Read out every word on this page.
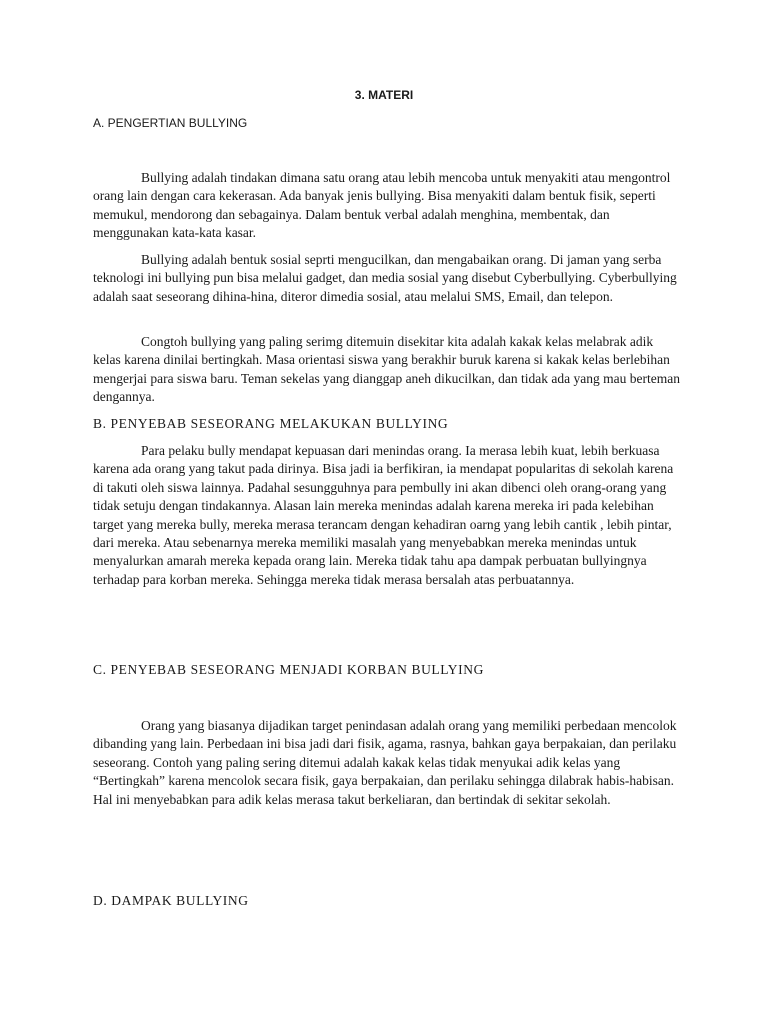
3. MATERI
A. PENGERTIAN BULLYING

Bullying adalah tindakan dimana satu orang atau lebih mencoba untuk menyakiti atau mengontrol orang lain dengan cara kekerasan. Ada banyak jenis bullying. Bisa menyakiti dalam bentuk fisik, seperti memukul, mendorong dan sebagainya. Dalam bentuk verbal adalah menghina, membentak, dan menggunakan kata-kata kasar.

Bullying adalah bentuk sosial seprti mengucilkan, dan mengabaikan orang. Di jaman yang serba teknologi ini bullying pun bisa melalui gadget, dan media sosial yang disebut Cyberbullying. Cyberbullying adalah saat seseorang dihina-hina, diteror dimedia sosial, atau melalui SMS, Email, dan telepon.

Congtoh bullying yang paling serimg ditemuin disekitar kita adalah kakak kelas melabrak adik kelas karena dinilai bertingkah. Masa orientasi siswa yang berakhir buruk karena si kakak kelas berlebihan mengerjai para siswa baru. Teman sekelas yang dianggap aneh dikucilkan, dan tidak ada yang mau berteman dengannya.

B. PENYEBAB SESEORANG MELAKUKAN BULLYING

Para pelaku bully mendapat kepuasan dari menindas orang. Ia merasa lebih kuat, lebih berkuasa karena ada orang yang takut pada dirinya. Bisa jadi ia berfikiran, ia mendapat popularitas di sekolah karena di takuti oleh siswa lainnya. Padahal sesungguhnya para pembully ini akan dibenci oleh orang-orang yang tidak setuju dengan tindakannya. Alasan lain mereka menindas adalah karena mereka iri pada kelebihan target yang mereka bully, mereka merasa terancam dengan kehadiran oarng yang lebih cantik , lebih pintar, dari mereka. Atau sebenarnya mereka memiliki masalah yang menyebabkan mereka menindas untuk menyalurkan amarah mereka kepada orang lain. Mereka tidak tahu apa dampak perbuatan bullyingnya terhadap para korban mereka. Sehingga mereka tidak merasa bersalah atas perbuatannya.

C. PENYEBAB SESEORANG MENJADI KORBAN BULLYING

Orang yang biasanya dijadikan target penindasan adalah orang yang memiliki perbedaan mencolok dibanding yang lain. Perbedaan ini bisa jadi dari fisik, agama, rasnya, bahkan gaya berpakaian, dan perilaku seseorang. Contoh yang paling sering ditemui adalah kakak kelas tidak menyukai adik kelas yang “Bertingkah” karena mencolok secara fisik, gaya berpakaian, dan perilaku sehingga dilabrak habis-habisan. Hal ini menyebabkan para adik kelas merasa takut berkeliaran, dan bertindak di sekitar sekolah.

D. DAMPAK BULLYING
